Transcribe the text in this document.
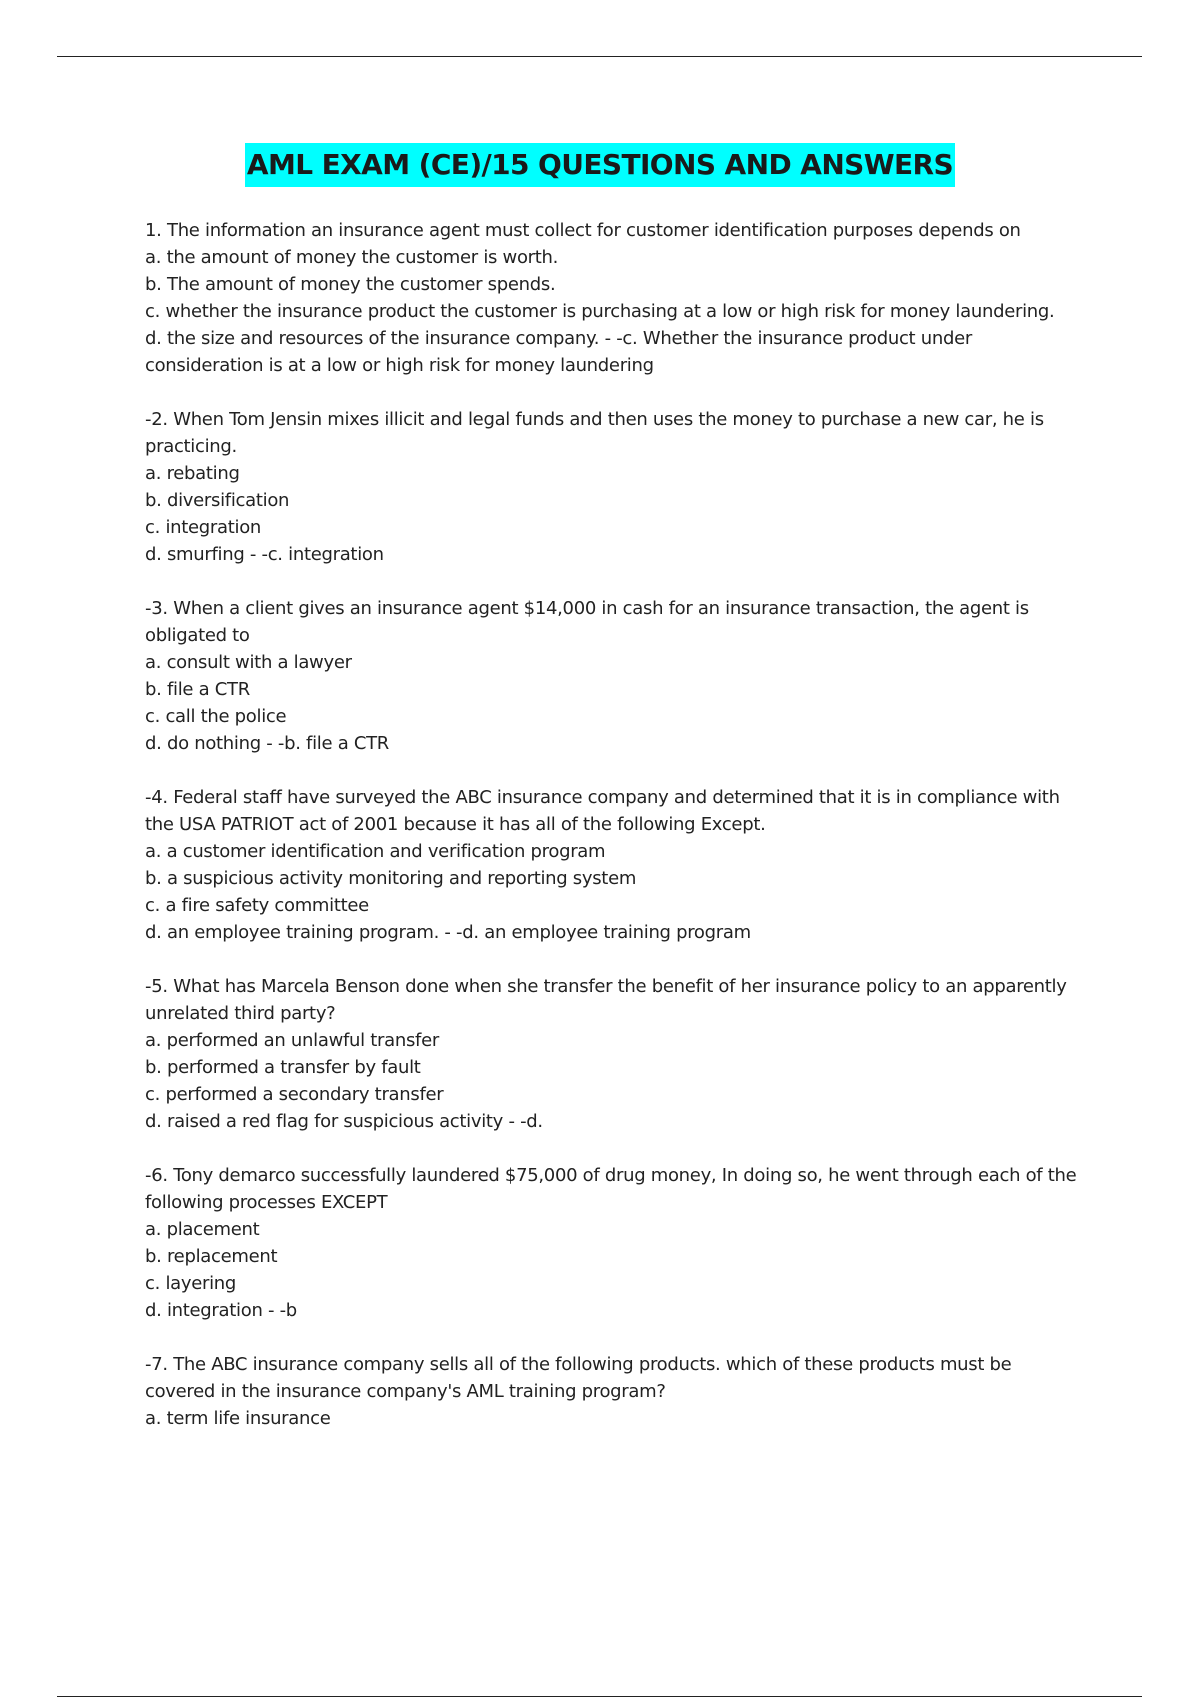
AML EXAM (CE)/15 QUESTIONS AND ANSWERS
1. The information an insurance agent must collect for customer identification purposes depends on
a. the amount of money the customer is worth.
b. The amount of money the customer spends.
c. whether the insurance product the customer is purchasing at a low or high risk for money laundering.
d. the size and resources of the insurance company. - -c. Whether the insurance product under consideration is at a low or high risk for money laundering
-2. When Tom Jensin mixes illicit and legal funds and then uses the money to purchase a new car, he is practicing.
a. rebating
b. diversification
c. integration
d. smurfing - -c. integration
-3. When a client gives an insurance agent $14,000 in cash for an insurance transaction, the agent is obligated to
a. consult with a lawyer
b. file a CTR
c. call the police
d. do nothing - -b. file a CTR
-4. Federal staff have surveyed the ABC insurance company and determined that it is in compliance with the USA PATRIOT act of 2001 because it has all of the following Except.
a. a customer identification and verification program
b. a suspicious activity monitoring and reporting system
c. a fire safety committee
d. an employee training program. - -d. an employee training program
-5. What has Marcela Benson done when she transfer the benefit of her insurance policy to an apparently unrelated third party?
a. performed an unlawful transfer
b. performed a transfer by fault
c. performed a secondary transfer
d. raised a red flag for suspicious activity - -d.
-6. Tony demarco successfully laundered $75,000 of drug money, In doing so, he went through each of the following processes EXCEPT
a. placement
b. replacement
c. layering
d. integration - -b
-7. The ABC insurance company sells all of the following products. which of these products must be covered in the insurance company's AML training program?
a. term life insurance
